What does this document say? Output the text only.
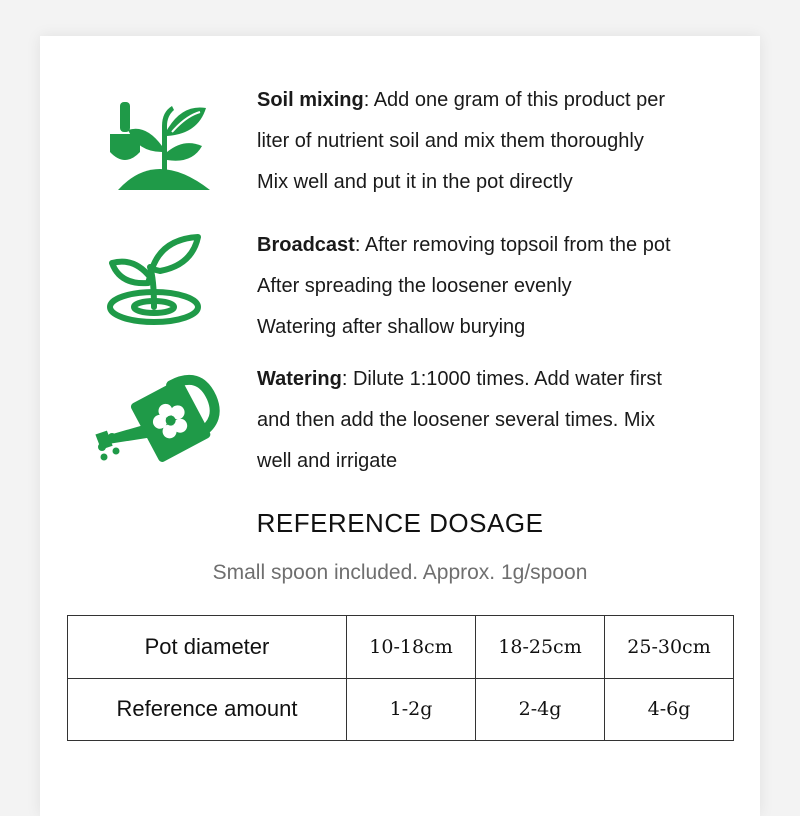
Soil mixing: Add one gram of this product per
liter of nutrient soil and mix them thoroughly
Mix well and put it in the pot directly
Broadcast: After removing topsoil from the pot
After spreading the loosener evenly
Watering after shallow burying
Watering: Dilute 1:1000 times. Add water first
and then add the loosener several times. Mix
well and irrigate
REFERENCE DOSAGE
Small spoon included. Approx. 1g/spoon
Pot diameter	10-18cm	18-25cm	25-30cm
Reference amount	1-2g	2-4g	4-6g
